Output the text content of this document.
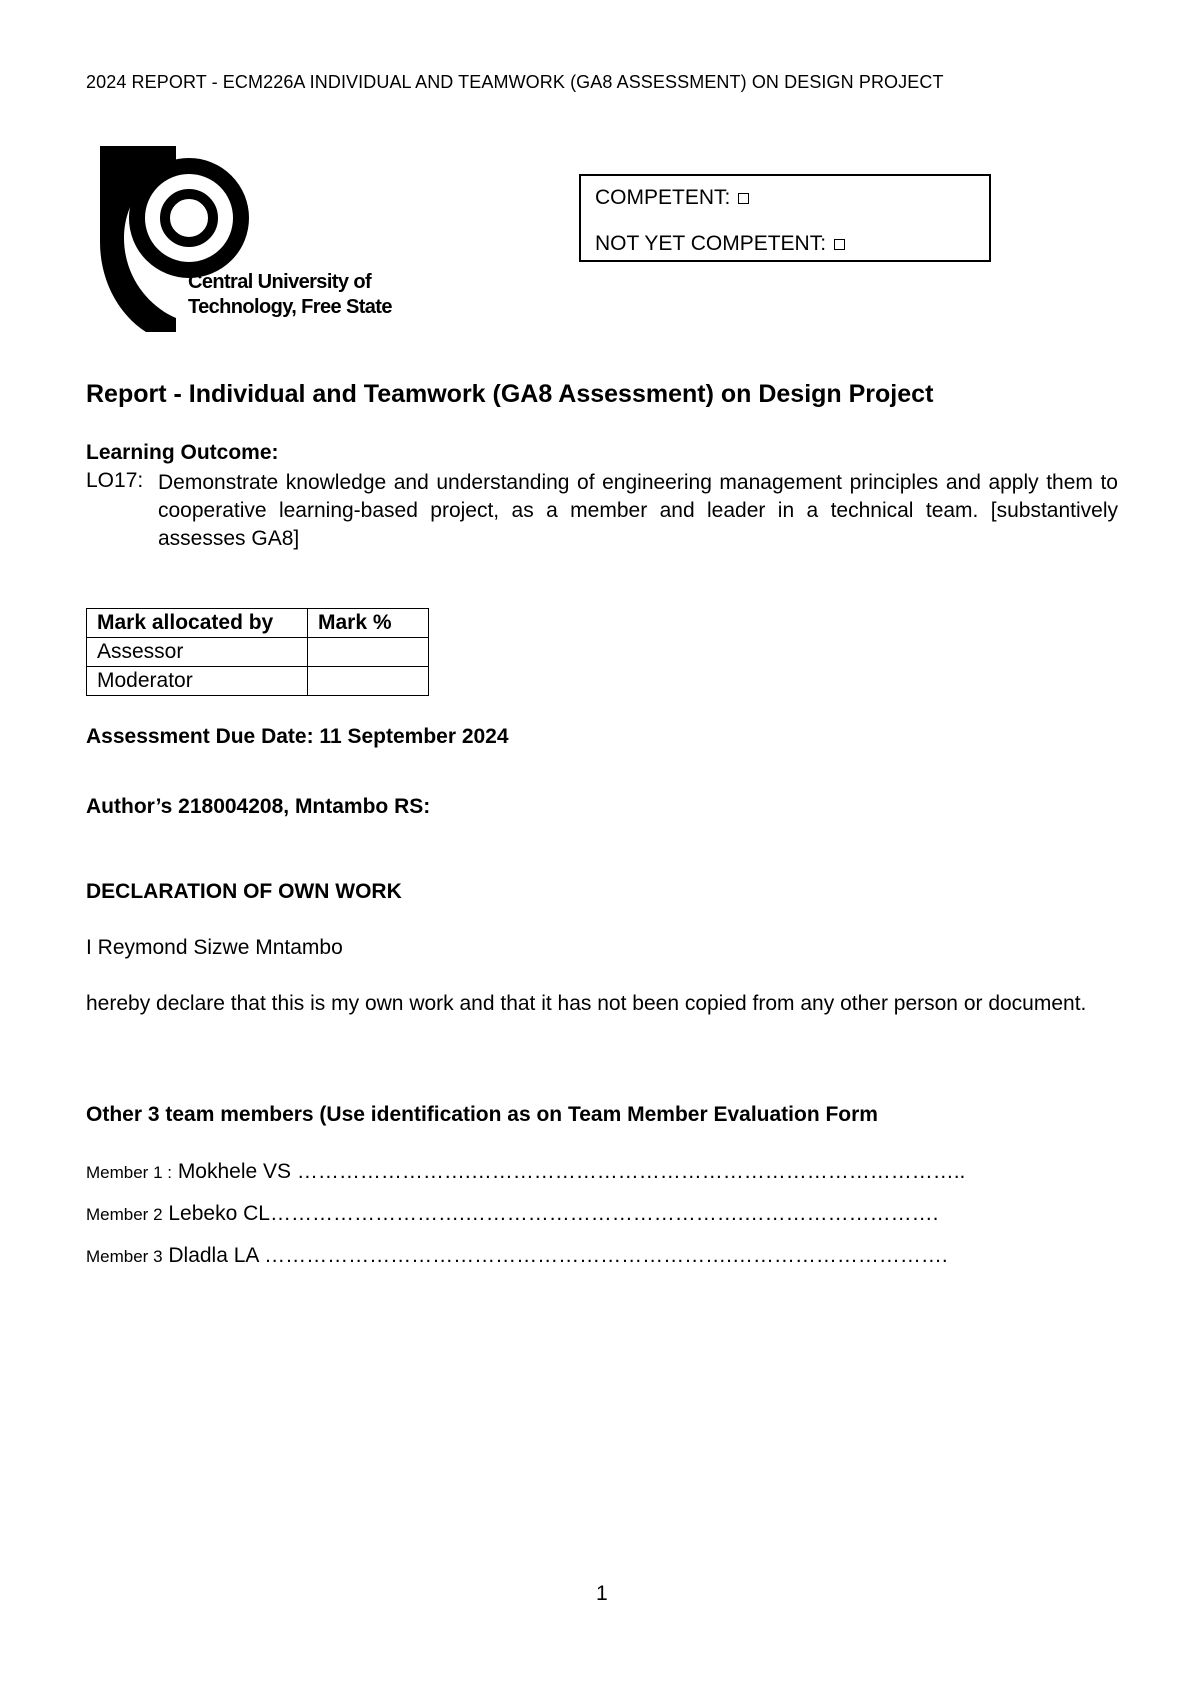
2024 REPORT - ECM226A INDIVIDUAL AND TEAMWORK (GA8 ASSESSMENT) ON DESIGN PROJECT
Central University of
Technology, Free State
COMPETENT:
NOT YET COMPETENT:
Report - Individual and Teamwork (GA8 Assessment) on Design Project
Learning Outcome:
LO17: Demonstrate knowledge and understanding of engineering management principles and apply them to cooperative learning-based project, as a member and leader in a technical team. [substantively assesses GA8]
Mark allocated by	Mark %
Assessor	
Moderator	
Assessment Due Date: 11 September 2024
Author’s 218004208, Mntambo RS:
DECLARATION OF OWN WORK
I Reymond Sizwe Mntambo
hereby declare that this is my own work and that it has not been copied from any other person or document.
Other 3 team members (Use identification as on Team Member Evaluation Form
Member 1 : Mokhele VS …………………….……………………………………………………………..
Member 2 Lebeko CL……………………….………………………………….……………………….
Member 3 Dladla LA ………………………………………………………….………………………….
1
